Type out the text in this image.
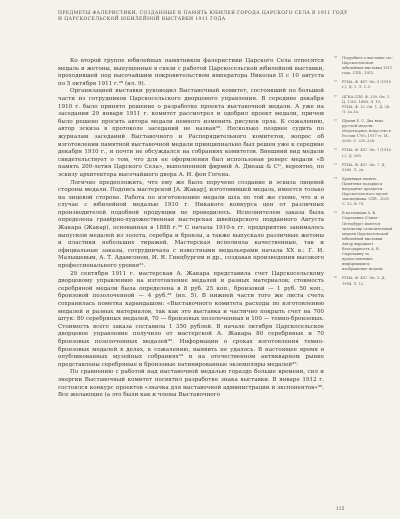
ПРЕДМЕТЫ ФАЛЕРИСТИКИ, СОЗДАННЫЕ В ПАМЯТЬ ЮБИЛЕЯ ГОРОДА ЦАРСКОГО СЕЛА В 1911 ГОДУ
И ЦАРСКОСЕЛЬСКОЙ ЮБИЛЕЙНОЙ ВЫСТАВКИ 1911 ГОДА

Ко второй группе юбилейных памятников фалеристики Царского Села относятся медаль и жетоны, выпущенные в связи с работой Царскосельской юбилейной выставки, проходившей под высочайшим покровительством императора Николая II с 10 августа по 5 октября 1911 г.²⁸ (ил. 9).

Организацией выставки руководил Выставочный комитет, состоявший по большей части из сотрудников Царскосельского дворцового управления. В середине декабря 1910 г. было принято решение о разработке проекта выставочной медали. А уже на заседании 29 января 1911 г. комитет рассмотрел и одобрил проект медали, причем было решено просить автора медали немного изменить рисунок орла. К сожалению, автор эскиза в протоколе заседаний не назван²⁹. Несколько позднее судить по журналам заседаний Выставочного и Распорядительного комитетов, вопрос об изготовлении памятной выставочной медали принципиально был решен уже к середине декабря 1910 г., и почти не обсуждался на собраниях комитетов. Внешний вид медали свидетельствует о том, что для ее оформления был использован реверс медали «В память 200-летия Царского Села», выполненной фирмой А. Дмеаш & Cⁱᵉ, вероятно, по эскизу архитектора высочайшего двора А. И. фон Гогена.

Логично предположить, что ему же было поручено создание и эскиза лицевой стороны медали. Подпись мастерской [А. Жакар], изготовившей медаль, имеется только на лицевой стороне. Работа по изготовлению медали шла по той же схеме, что и в случае с юбилейной медалью 1910 г. Никакого конкурса цен от различных производителей подобной продукции не проводилось. Исполнителем заказа была определена гравёрно-художественная мастерская швейцарского подданного Августа Жакара (Жакар), основанная в 1888 г.³⁰ С начала 1910-х гг. предприятие занималось выпуском медалей из золота, серебра и бронзы, а также выпускало различные жетоны и пластики небольших тиражей. Мастерская исполняла качественные, так и официальные заказы, сотрудничала с известными медальерами начала XX в.: Г. И. Малышевым, А. Т. Адамсоном, И. Я. Гинцбургом и др., создавая произведения высокого профессионального уровня³¹.

29 сентября 1911 г. мастерская А. Жакара представила счет Царскосельскому дворцовому управлению на изготовление медалей и разных материалов; стоимость серебряной медали была определена в 8 руб. 25 коп., бронзовой — 1 руб. 50 коп., бронзовой позолоченной — 4 руб.³² (ил. 5). В нижней части того же листа счета сохранилась пометка карандашом: «Выставочного комитета расходы по изготовлению медалей и разных материалов, так как это выставка и частично покрыть счет на 700 штук: 80 серебряных медалей, 70 — бронзовых позолоченных и 100 — темно-бронзовых. Стоимость всего заказа составила 1 350 рублей. В начале октября Царскосельское дворцовое управление получило от мастерской А. Жакара 80 серебряных и 70 бронзовых позолоченных медалей³³. Информации о сроках изготовления темно-бронзовых медалей в делах, к сожалению, выявить не удалось. В настоящее время в опубликованных музейных собраниях³⁴ и на отечественном антикварном рынке представлены серебряные и бронзовые патинированные экземпляры медалей³⁵.

По сравнению с работой над выставочной медалью гораздо больше времени, сил и энергии Выставочный комитет посвятил разработке знака выставки. В январе 1912 г. состоялся конкурс проектов «значка для выставочной администрации и экспонентов»³⁶. Все желающие (а это были как и члены Выставочного

²⁸	Подробнее о выставке см.: Царскосельская юбилейная выставка 1911 года. СПб., 1912.
²⁹	РГИА. Ф. 487. Оп. 5 (1915 г.). Д. 1. Л. 1–5.
³⁰	ЦГИА СПб. Ф. 239. Оп. 1. Д. 1355. 1888. Л. 10; РГИА. Ф. 12. Оп. 1. Д. 28. Л. 2а–1а.
³¹	Щукин Е. С. Два века русской медали: Медальерное искусство в России 1700–1917 гг. М., 2000. С. 225–226.
³²	РГИА. Ф. 487. Оп. 7 (1910 г.). Д. 569.
³³	РГИА. Ф. 487. Оп. 7. Д. 5360. Л. 2а.
³⁴	Хранящая память. Памятные подарки и наградные предметы Царскосельского музея-заповедника. СПб., 2001. С. 52, № 78.
³⁵	В коллекции А. В. Сырочкина (Санкт-Петербург) имеется экземпляр отличительной медали Царскосельской юбилейной выставки. Автор выражает благодарность А. В. Сырочкину за предоставление информации и изображение медали.
³⁶	РГИА. Ф. 487. Оп. 1. Д. 1994. Л. 12.
115
